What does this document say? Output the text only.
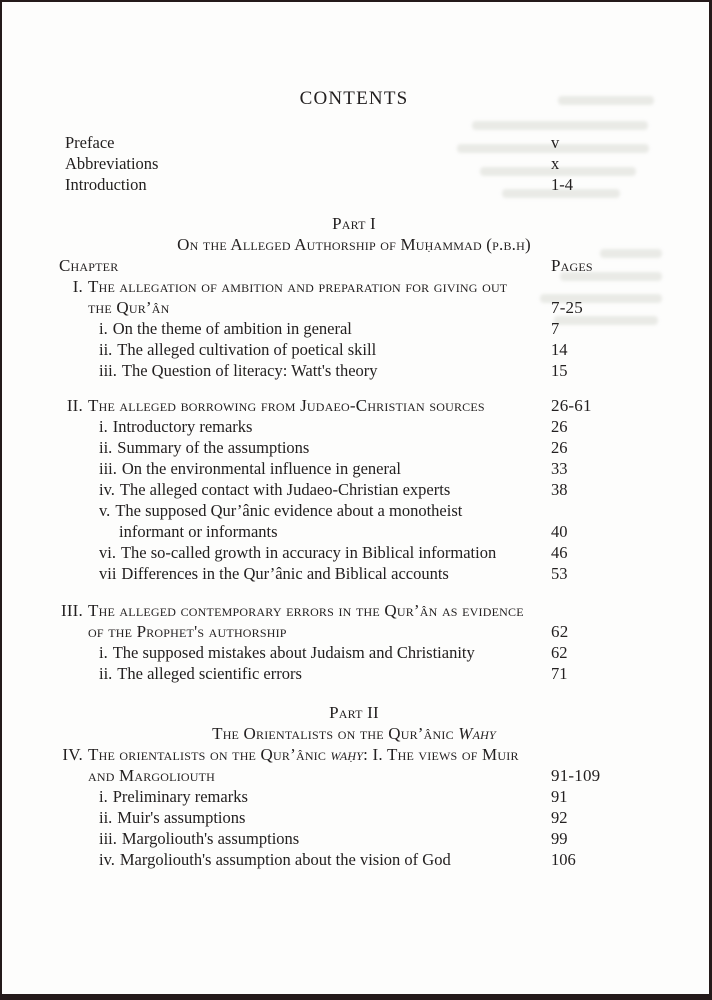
CONTENTS
Preface	v
Abbreviations	x
Introduction	1-4
Part I
On the Alleged Authorship of Muḥammad (p.b.h)
Chapter	Pages
I. The allegation of ambition and preparation for giving out
the Qur’ân	7-25
i. On the theme of ambition in general	7
ii. The alleged cultivation of poetical skill	14
iii. The Question of literacy: Watt's theory	15
II. The alleged borrowing from Judaeo-Christian sources	26-61
i. Introductory remarks	26
ii. Summary of the assumptions	26
iii. On the environmental influence in general	33
iv. The alleged contact with Judaeo-Christian experts	38
v. The supposed Qur’ânic evidence about a monotheist
informant or informants	40
vi. The so-called growth in accuracy in Biblical information	46
vii Differences in the Qur’ânic and Biblical accounts	53
III. The alleged contemporary errors in the Qur’ân as evidence
of the Prophet's authorship	62
i. The supposed mistakes about Judaism and Christianity	62
ii. The alleged scientific errors	71
Part II
The Orientalists on the Qur’ânic Wahy
IV. The orientalists on the Qur’ânic waḥy: I. The views of Muir
and Margoliouth	91-109
i. Preliminary remarks	91
ii. Muir's assumptions	92
iii. Margoliouth's assumptions	99
iv. Margoliouth's assumption about the vision of God	106
